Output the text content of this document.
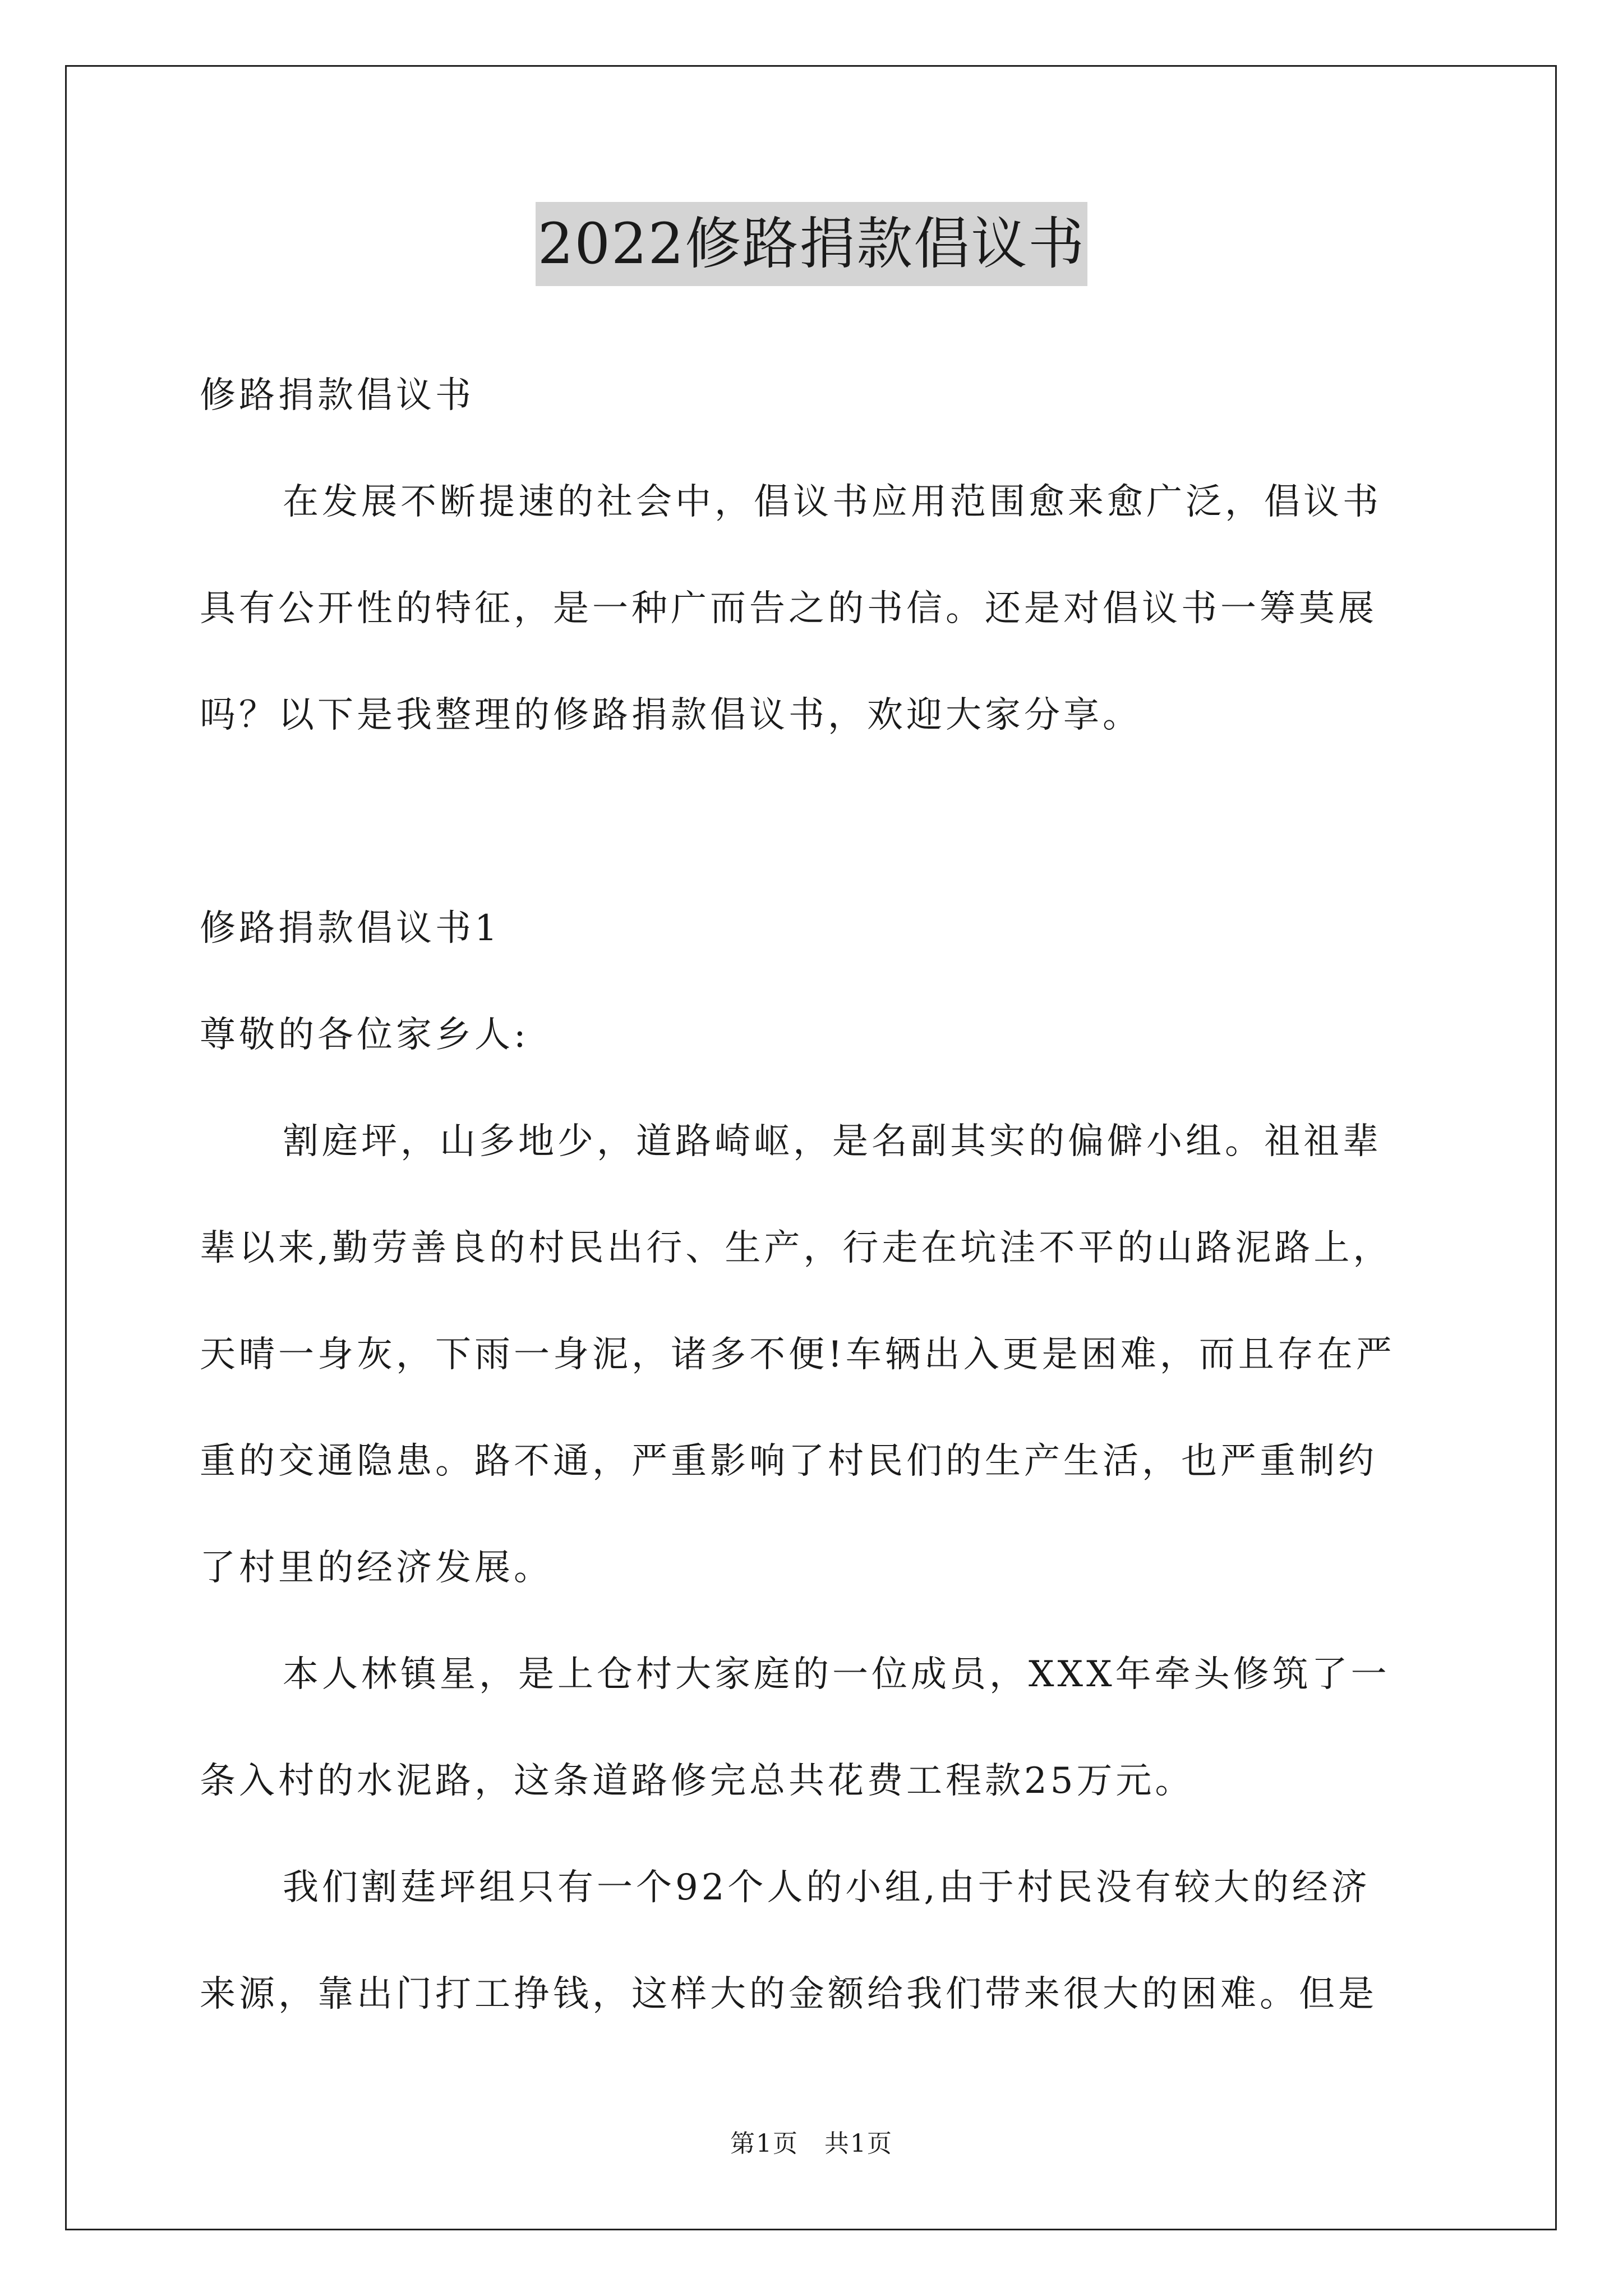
2022修路捐款倡议书
修路捐款倡议书
在发展不断提速的社会中，倡议书应用范围愈来愈广泛，倡议书
具有公开性的特征，是一种广而告之的书信。还是对倡议书一筹莫展
吗？以下是我整理的修路捐款倡议书，欢迎大家分享。
修路捐款倡议书1
尊敬的各位家乡人:
割庭坪，山多地少，道路崎岖，是名副其实的偏僻小组。祖祖辈
辈以来,勤劳善良的村民出行、生产，行走在坑洼不平的山路泥路上，
天晴一身灰，下雨一身泥，诸多不便!车辆出入更是困难，而且存在严
重的交通隐患。路不通，严重影响了村民们的生产生活，也严重制约
了村里的经济发展。
本人林镇星，是上仓村大家庭的一位成员，XXX年牵头修筑了一
条入村的水泥路，这条道路修完总共花费工程款25万元。
我们割莛坪组只有一个92个人的小组,由于村民没有较大的经济
来源，靠出门打工挣钱，这样大的金额给我们带来很大的困难。但是
第1页　共1页
